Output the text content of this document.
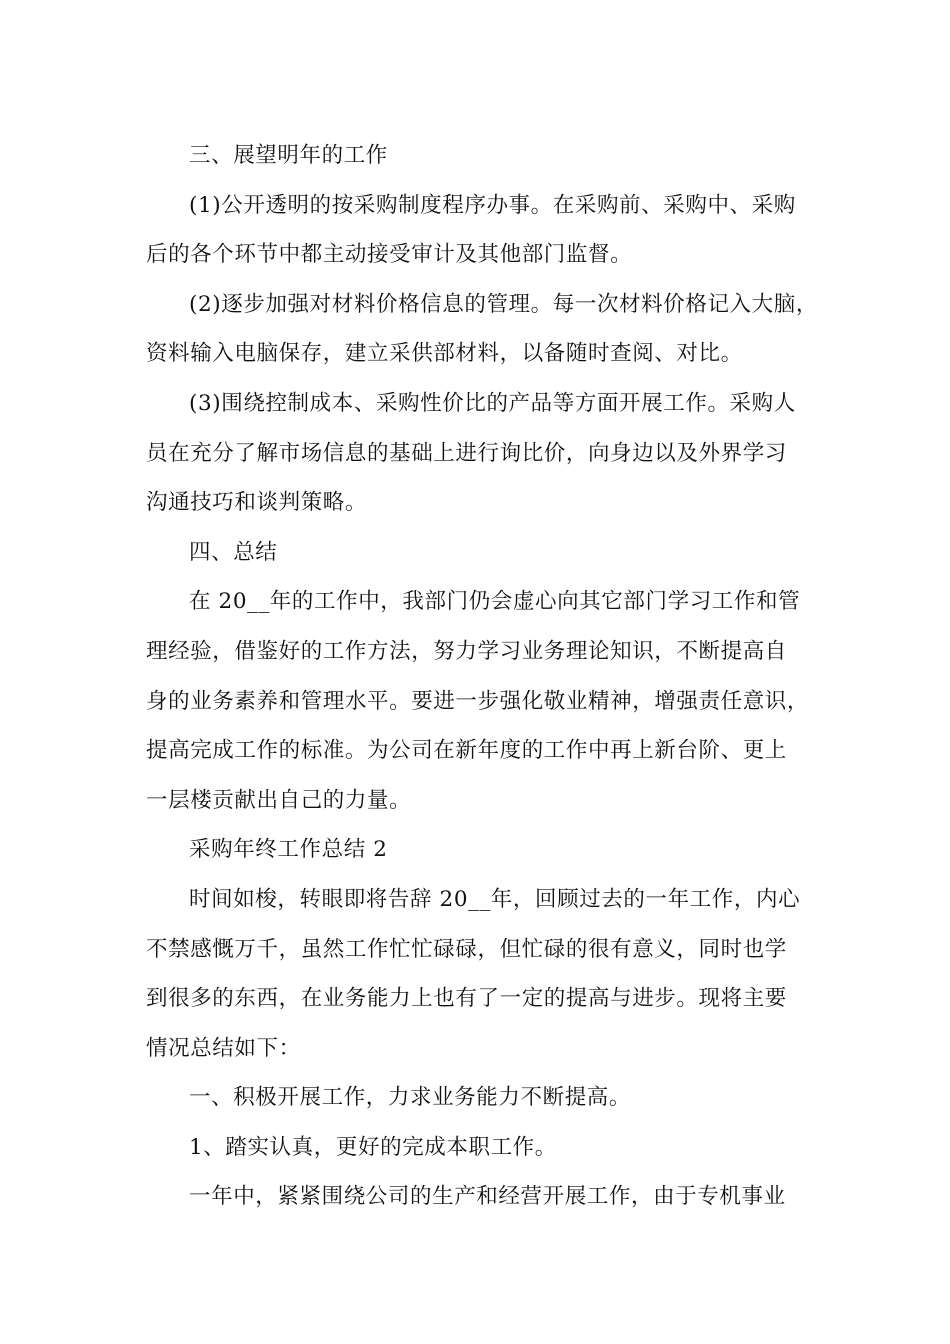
三、展望明年的工作
(1)公开透明的按采购制度程序办事。在采购前、采购中、采购
后的各个环节中都主动接受审计及其他部门监督。
(2)逐步加强对材料价格信息的管理。每一次材料价格记入大脑，
资料输入电脑保存，建立采供部材料，以备随时查阅、对比。
(3)围绕控制成本、采购性价比的产品等方面开展工作。采购人
员在充分了解市场信息的基础上进行询比价，向身边以及外界学习
沟通技巧和谈判策略。
四、总结
在 20__年的工作中，我部门仍会虚心向其它部门学习工作和管
理经验，借鉴好的工作方法，努力学习业务理论知识，不断提高自
身的业务素养和管理水平。要进一步强化敬业精神，增强责任意识，
提高完成工作的标准。为公司在新年度的工作中再上新台阶、更上
一层楼贡献出自己的力量。
采购年终工作总结 2
时间如梭，转眼即将告辞 20__年，回顾过去的一年工作，内心
不禁感慨万千，虽然工作忙忙碌碌，但忙碌的很有意义，同时也学
到很多的东西，在业务能力上也有了一定的提高与进步。现将主要
情况总结如下：
一、积极开展工作，力求业务能力不断提高。
1、踏实认真，更好的完成本职工作。
一年中，紧紧围绕公司的生产和经营开展工作，由于专机事业
